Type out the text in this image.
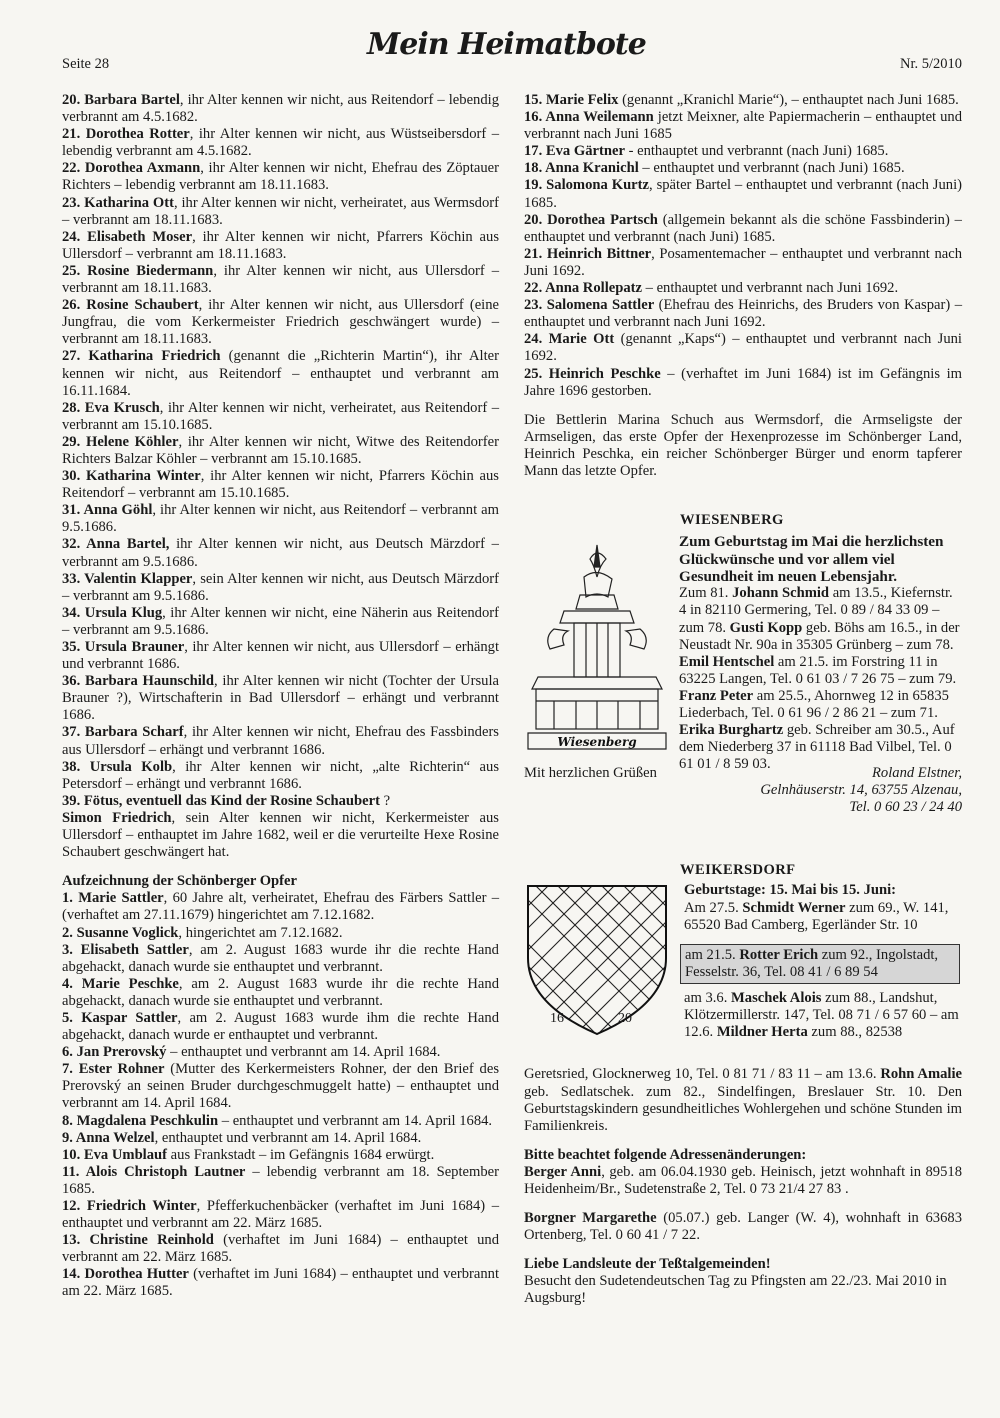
Seite 28
Mein Heimatbote
Nr. 5/2010

20. Barbara Bartel, ihr Alter kennen wir nicht, aus Reitendorf – lebendig verbrannt am 4.5.1682.

21. Dorothea Rotter, ihr Alter kennen wir nicht, aus Wüstseibersdorf – lebendig verbrannt am 4.5.1682.

22. Dorothea Axmann, ihr Alter kennen wir nicht, Ehefrau des Zöptauer Richters – lebendig verbrannt am 18.11.1683.

23. Katharina Ott, ihr Alter kennen wir nicht, verheiratet, aus Wermsdorf – verbrannt am 18.11.1683.

24. Elisabeth Moser, ihr Alter kennen wir nicht, Pfarrers Köchin aus Ullersdorf – verbrannt am 18.11.1683.

25. Rosine Biedermann, ihr Alter kennen wir nicht, aus Ullersdorf – verbrannt am 18.11.1683.

26. Rosine Schaubert, ihr Alter kennen wir nicht, aus Ullersdorf (eine Jungfrau, die vom Kerkermeister Friedrich geschwängert wurde) – verbrannt am 18.11.1683.

27. Katharina Friedrich (genannt die „Richterin Martin“), ihr Alter kennen wir nicht, aus Reitendorf – enthauptet und verbrannt am 16.11.1684.

28. Eva Krusch, ihr Alter kennen wir nicht, verheiratet, aus Reitendorf – verbrannt am 15.10.1685.

29. Helene Köhler, ihr Alter kennen wir nicht, Witwe des Reitendorfer Richters Balzar Köhler – verbrannt am 15.10.1685.

30. Katharina Winter, ihr Alter kennen wir nicht, Pfarrers Köchin aus Reitendorf – verbrannt am 15.10.1685.

31. Anna Göhl, ihr Alter kennen wir nicht, aus Reitendorf – verbrannt am 9.5.1686.

32. Anna Bartel, ihr Alter kennen wir nicht, aus Deutsch Märzdorf – verbrannt am 9.5.1686.

33. Valentin Klapper, sein Alter kennen wir nicht, aus Deutsch Märzdorf – verbrannt am 9.5.1686.

34. Ursula Klug, ihr Alter kennen wir nicht, eine Näherin aus Reitendorf – verbrannt am 9.5.1686.

35. Ursula Brauner, ihr Alter kennen wir nicht, aus Ullersdorf – erhängt und verbrannt 1686.

36. Barbara Haunschild, ihr Alter kennen wir nicht (Tochter der Ursula Brauner ?), Wirtschafterin in Bad Ullersdorf – erhängt und verbrannt 1686.

37. Barbara Scharf, ihr Alter kennen wir nicht, Ehefrau des Fassbinders aus Ullersdorf – erhängt und verbrannt 1686.

38. Ursula Kolb, ihr Alter kennen wir nicht, „alte Richterin“ aus Petersdorf – erhängt und verbrannt 1686.

39. Fötus, eventuell das Kind der Rosine Schaubert ?

Simon Friedrich, sein Alter kennen wir nicht, Kerkermeister aus Ullersdorf – enthauptet im Jahre 1682, weil er die verurteilte Hexe Rosine Schaubert geschwängert hat.

Aufzeichnung der Schönberger Opfer

1. Marie Sattler, 60 Jahre alt, verheiratet, Ehefrau des Färbers Sattler – (verhaftet am 27.11.1679) hingerichtet am 7.12.1682.

2. Susanne Voglick, hingerichtet am 7.12.1682.

3. Elisabeth Sattler, am 2. August 1683 wurde ihr die rechte Hand abgehackt, danach wurde sie enthauptet und verbrannt.

4. Marie Peschke, am 2. August 1683 wurde ihr die rechte Hand abgehackt, danach wurde sie enthauptet und verbrannt.

5. Kaspar Sattler, am 2. August 1683 wurde ihm die rechte Hand abgehackt, danach wurde er enthauptet und verbrannt.

6. Jan Prerovský – enthauptet und verbrannt am 14. April 1684.

7. Ester Rohner (Mutter des Kerkermeisters Rohner, der den Brief des Prerovský an seinen Bruder durchgeschmuggelt hatte) – enthauptet und verbrannt am 14. April 1684.

8. Magdalena Peschkulin – enthauptet und verbrannt am 14. April 1684.

9. Anna Welzel, enthauptet und verbrannt am 14. April 1684.

10. Eva Umblauf aus Frankstadt – im Gefängnis 1684 erwürgt.

11. Alois Christoph Lautner – lebendig verbrannt am 18. September 1685.

12. Friedrich Winter, Pfefferkuchenbäcker (verhaftet im Juni 1684) – enthauptet und verbrannt am 22. März 1685.

13. Christine Reinhold (verhaftet im Juni 1684) – enthauptet und verbrannt am 22. März 1685.

14. Dorothea Hutter (verhaftet im Juni 1684) – enthauptet und verbrannt am 22. März 1685.

15. Marie Felix (genannt „Kranichl Marie“), – enthauptet nach Juni 1685.

16. Anna Weilemann jetzt Meixner, alte Papiermacherin – enthauptet und verbrannt nach Juni 1685

17. Eva Gärtner - enthauptet und verbrannt (nach Juni) 1685.

18. Anna Kranichl – enthauptet und verbrannt (nach Juni) 1685.

19. Salomona Kurtz, später Bartel – enthauptet und verbrannt (nach Juni) 1685.

20. Dorothea Partsch (allgemein bekannt als die schöne Fassbinderin) – enthauptet und verbrannt (nach Juni) 1685.

21. Heinrich Bittner, Posamentemacher – enthauptet und verbrannt nach Juni 1692.

22. Anna Rollepatz – enthauptet und verbrannt nach Juni 1692.

23. Salomena Sattler (Ehefrau des Heinrichs, des Bruders von Kaspar) – enthauptet und verbrannt nach Juni 1692.

24. Marie Ott (genannt „Kaps“) – enthauptet und verbrannt nach Juni 1692.

25. Heinrich Peschke – (verhaftet im Juni 1684) ist im Gefängnis im Jahre 1696 gestorben.

Die Bettlerin Marina Schuch aus Wermsdorf, die Armseligste der Armseligen, das erste Opfer der Hexenprozesse im Schönberger Land, Heinrich Peschka, ein reicher Schönberger Bürger und enorm tapferer Mann das letzte Opfer.

WIESENBERG

Wiesenberg

Zum Geburtstag im Mai die herzlichsten Glückwünsche und vor allem viel Gesundheit im neuen Lebensjahr.

Zum 81. Johann Schmid am 13.5., Kiefernstr. 4 in 82110 Germering, Tel. 0 89 / 84 33 09 – zum 78. Gusti Kopp geb. Böhs am 16.5., in der Neustadt Nr. 90a in 35305 Grünberg – zum 78. Emil Hentschel am 21.5. im Forstring 11 in 63225 Langen, Tel. 0 61 03 / 7 26 75 – zum 79. Franz Peter am 25.5., Ahornweg 12 in 65835 Liederbach, Tel. 0 61 96 / 2 86 21 – zum 71. Erika Burghartz geb. Schreiber am 30.5., Auf dem Niederberg 37 in 61118 Bad Vilbel, Tel. 0 61 01 / 8 59 03.

Mit herzlichen Grüßen	Roland Elstner,

Gelnhäuserstr. 14, 63755 Alzenau,

Tel. 0 60 23 / 24 40

WEIKERSDORF

16	20

Geburtstage: 15. Mai bis 15. Juni:

Am 27.5. Schmidt Werner zum 69., W. 141, 65520 Bad Camberg, Egerländer Str. 10

am 21.5. Rotter Erich zum 92., Ingolstadt, Fesselstr. 36, Tel. 08 41 / 6 89 54

am 3.6. Maschek Alois zum 88., Landshut, Klötzermillerstr. 147, Tel. 08 71 / 6 57 60 – am 12.6. Mildner Herta zum 88., 82538

Geretsried, Glocknerweg 10, Tel. 0 81 71 / 83 11 – am 13.6. Rohn Amalie geb. Sedlatschek. zum 82., Sindelfingen, Breslauer Str. 10. Den Geburtstagskindern gesundheitliches Wohlergehen und schöne Stunden im Familienkreis.

Bitte beachtet folgende Adressenänderungen:

Berger Anni, geb. am 06.04.1930 geb. Heinisch, jetzt wohnhaft in 89518 Heidenheim/Br., Sudetenstraße 2, Tel. 0 73 21/4 27 83 .

Borgner Margarethe (05.07.) geb. Langer (W. 4), wohnhaft in 63683 Ortenberg, Tel. 0 60 41 / 7 22.

Liebe Landsleute der Teßtalgemeinden!

Besucht den Sudetendeutschen Tag zu Pfingsten am 22./23. Mai 2010 in Augsburg!
